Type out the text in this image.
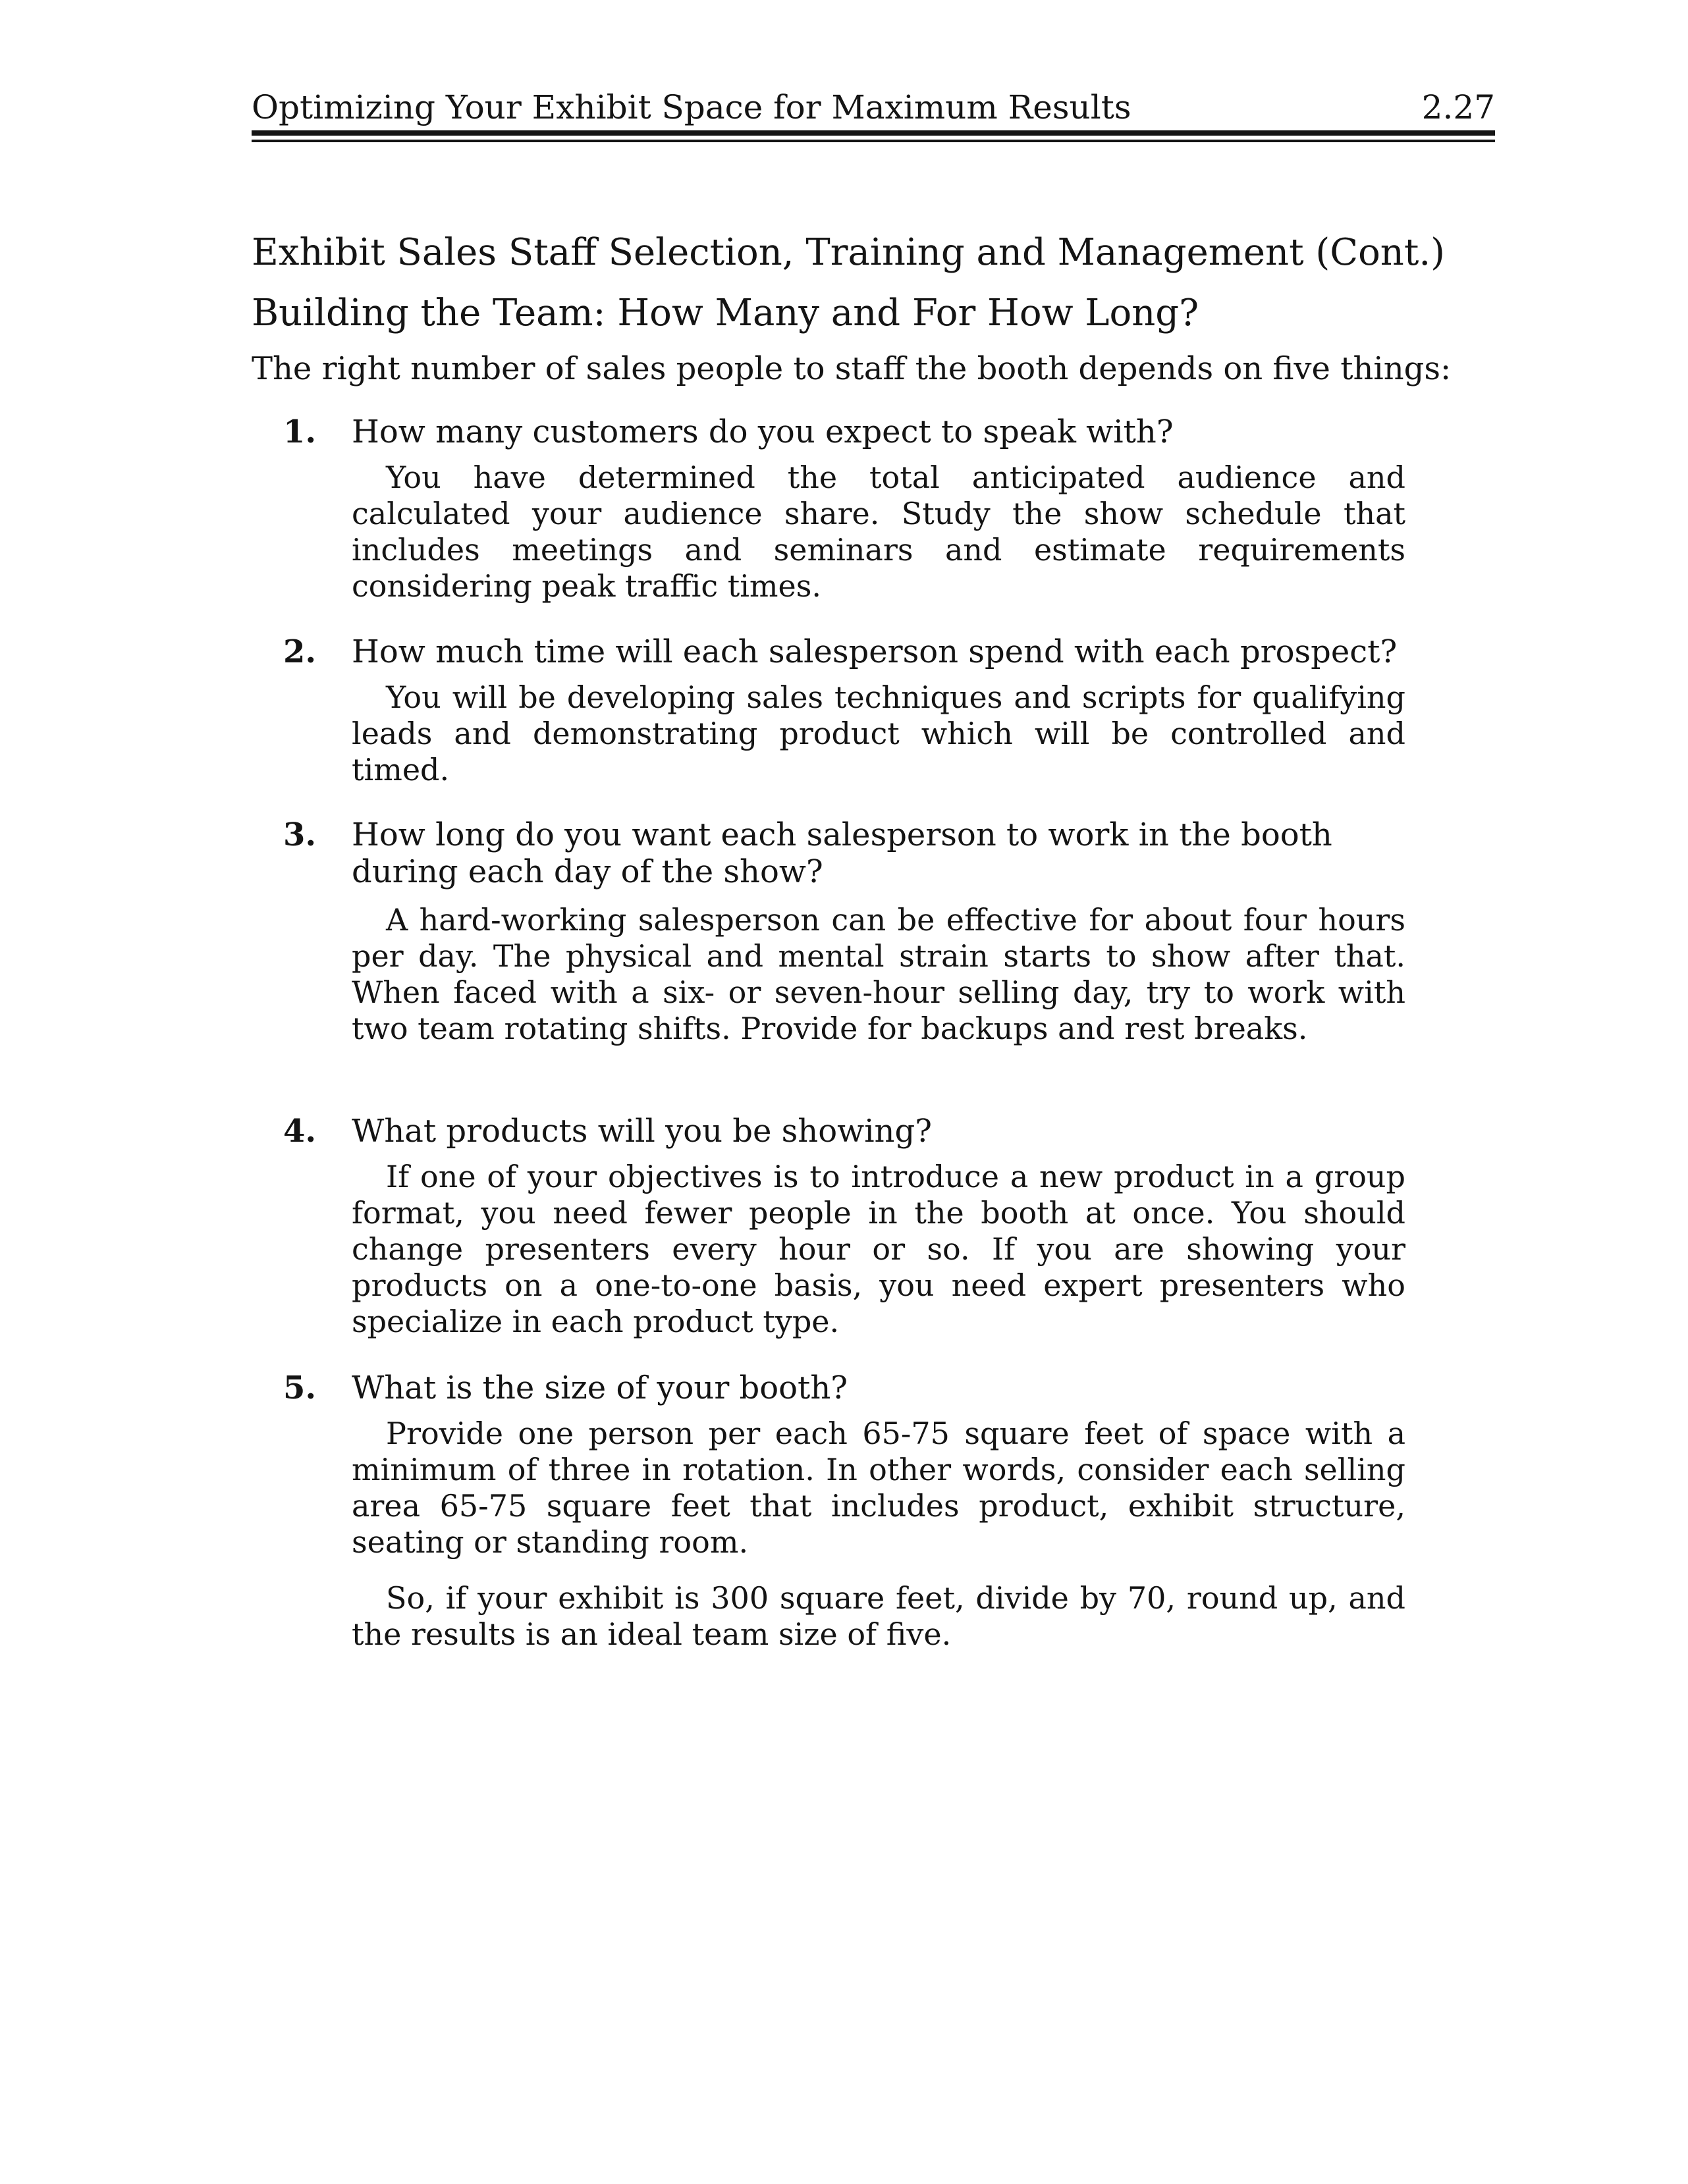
Optimizing Your Exhibit Space for Maximum Results	2.27
Exhibit Sales Staff Selection, Training and Management (Cont.)
Building the Team: How Many and For How Long?
The right number of sales people to staff the booth depends on five things:
1. How many customers do you expect to speak with?
You have determined the total anticipated audience and calculated your audience share. Study the show schedule that includes meetings and seminars and estimate requirements considering peak traffic times.
2. How much time will each salesperson spend with each prospect?
You will be developing sales techniques and scripts for qualifying leads and demonstrating product which will be controlled and timed.
3. How long do you want each salesperson to work in the booth during each day of the show?
A hard-working salesperson can be effective for about four hours per day. The physical and mental strain starts to show after that. When faced with a six- or seven-hour selling day, try to work with two team rotating shifts. Provide for backups and rest breaks.
4. What products will you be showing?
If one of your objectives is to introduce a new product in a group format, you need fewer people in the booth at once. You should change presenters every hour or so. If you are showing your products on a one-to-one basis, you need expert presenters who specialize in each product type.
5. What is the size of your booth?
Provide one person per each 65-75 square feet of space with a minimum of three in rotation. In other words, consider each selling area 65-75 square feet that includes product, exhibit structure, seating or standing room.
So, if your exhibit is 300 square feet, divide by 70, round up, and the results is an ideal team size of five.
